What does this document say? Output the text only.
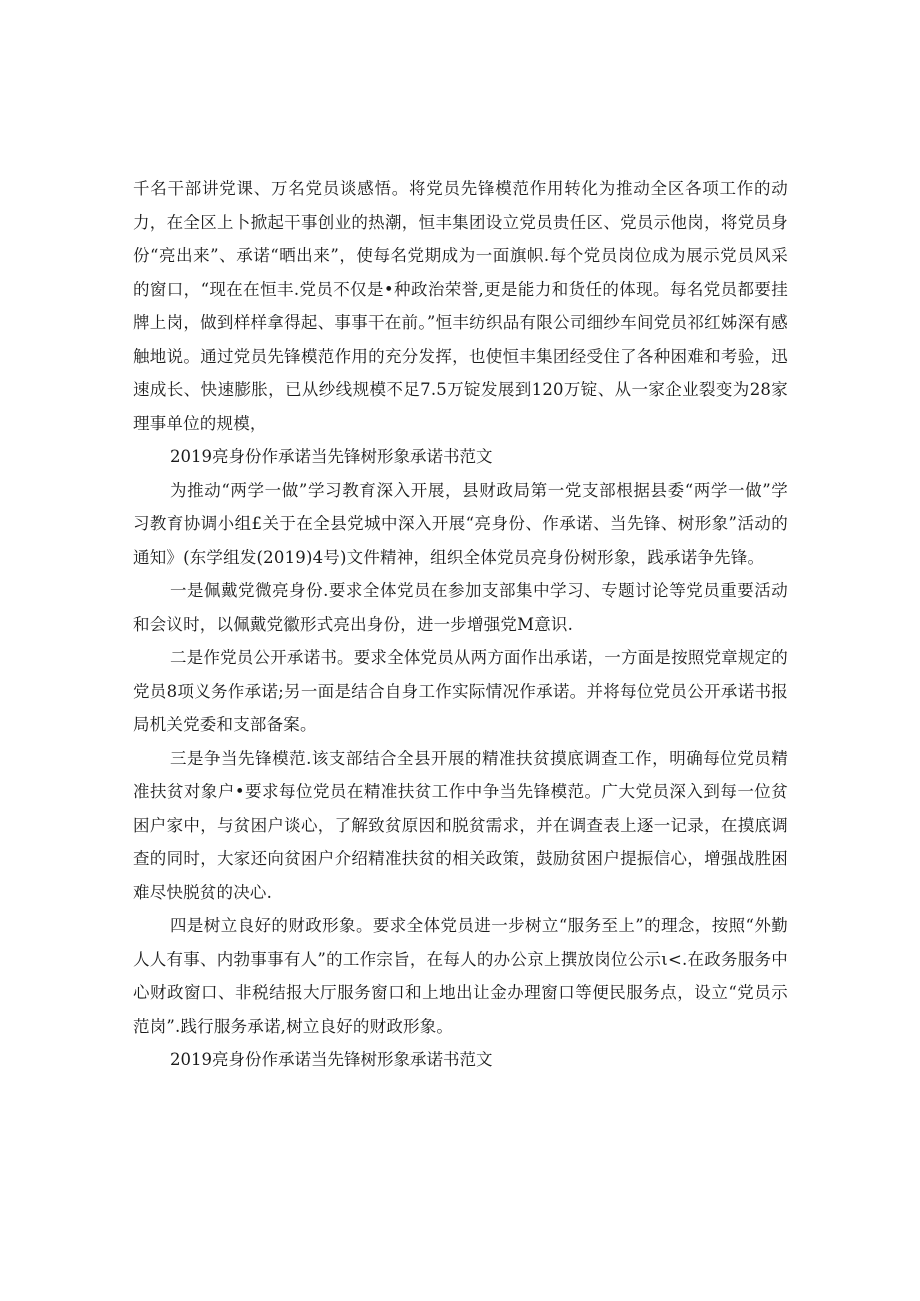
千名干部讲党课、万名党员谈感悟。将党员先锋模范作用转化为推动全区各项工作的动力，在全区上卜掀起干事创业的热潮，恒丰集团设立党员贵任区、党员示他岗，将党员身份“亮出来”、承诺“晒出来”，使每名党期成为一面旗帜.每个党员岗位成为展示党员风采的窗口，“现在在恒丰.党员不仅是•种政治荣誉,更是能力和货任的体现。每名党员都要挂牌上岗，做到样样拿得起、事事干在前。”恒丰纺织品有限公司细纱车间党员祁红姊深有感触地说。通过党员先锋模范作用的充分发挥，也使恒丰集团经受住了各种困难和考验，迅速成长、快速膨胀，已从纱线规模不足7.5万锭发展到120万锭、从一家企业裂变为28家理事单位的规模，

2019亮身份作承诺当先锋树形象承诺书范文

为推动“两学一做”学习教育深入开展，县财政局第一党支部根据县委“两学一做”学习教育协调小组£关于在全县党城中深入开展“亮身份、作承诺、当先锋、树形象”活动的通知》(东学组发(2019)4号)文件精神，组织全体党员亮身份树形象，践承诺争先锋。

一是佩戴党微亮身份.要求全体党员在参加支部集中学习、专题讨论等党员重要活动和会议时，以佩戴党徽形式亮出身份，进一步增强党M意识.

二是作党员公开承诺书。要求全体党员从两方面作出承诺，一方面是按照党章规定的党员8项义务作承诺;另一面是结合自身工作实际情况作承诺。并将每位党员公开承诺书报局机关党委和支部备案。

三是争当先锋模范.该支部结合全县开展的精准扶贫摸底调查工作，明确每位党员精准扶贫对象户•要求每位党员在精准扶贫工作中争当先锋模范。广大党员深入到每一位贫困户家中，与贫困户谈心，了解致贫原因和脱贫需求，并在调查表上逐一记录，在摸底调查的同时，大家还向贫困户介绍精准扶贫的相关政策，鼓励贫困户提振信心，增强战胜困难尽快脱贫的决心.

四是树立良好的财政形象。要求全体党员进一步树立“服务至上”的理念，按照“外勤人人有事、内勃事事有人”的工作宗旨，在每人的办公京上撰放岗位公示ι<.在政务服务中心财政窗口、非税结报大厅服务窗口和上地出让金办理窗口等便民服务点，设立“党员示范岗”.践行服务承诺,树立良好的财政形象。

2019亮身份作承诺当先锋树形象承诺书范文
